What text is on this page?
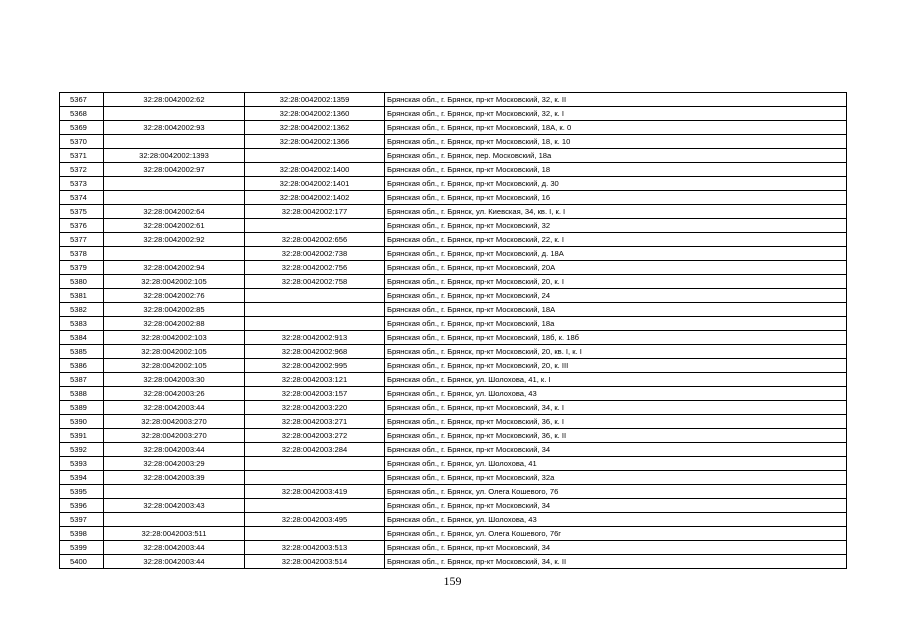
5367	32:28:0042002:62	32:28:0042002:1359	Брянская обл., г. Брянск, пр-кт Московский, 32, к. II
5368		32:28:0042002:1360	Брянская обл., г. Брянск, пр-кт Московский, 32, к. I
5369	32:28:0042002:93	32:28:0042002:1362	Брянская обл., г. Брянск, пр-кт Московский, 18А, к. 0
5370		32:28:0042002:1366	Брянская обл., г. Брянск, пр-кт Московский, 18, к. 10
5371	32:28:0042002:1393		Брянская обл., г. Брянск, пер. Московский, 18а
5372	32:28:0042002:97	32:28:0042002:1400	Брянская обл., г. Брянск, пр-кт Московский, 18
5373		32:28:0042002:1401	Брянская обл., г. Брянск, пр-кт Московский, д. 30
5374		32:28:0042002:1402	Брянская обл., г. Брянск, пр-кт Московский, 16
5375	32:28:0042002:64	32:28:0042002:177	Брянская обл., г. Брянск, ул. Киевская, 34, кв. I, к. I
5376	32:28:0042002:61		Брянская обл., г. Брянск, пр-кт Московский, 32
5377	32:28:0042002:92	32:28:0042002:656	Брянская обл., г. Брянск, пр-кт Московский, 22, к. I
5378		32:28:0042002:738	Брянская обл., г. Брянск, пр-кт Московский, д. 18А
5379	32:28:0042002:94	32:28:0042002:756	Брянская обл., г. Брянск, пр-кт Московский, 20А
5380	32:28:0042002:105	32:28:0042002:758	Брянская обл., г. Брянск, пр-кт Московский, 20, к. I
5381	32:28:0042002:76		Брянская обл., г. Брянск, пр-кт Московский, 24
5382	32:28:0042002:85		Брянская обл., г. Брянск, пр-кт Московский, 18А
5383	32:28:0042002:88		Брянская обл., г. Брянск, пр-кт Московский, 18а
5384	32:28:0042002:103	32:28:0042002:913	Брянская обл., г. Брянск, пр-кт Московский, 18б, к. 18б
5385	32:28:0042002:105	32:28:0042002:968	Брянская обл., г. Брянск, пр-кт Московский, 20, кв. I, к. I
5386	32:28:0042002:105	32:28:0042002:995	Брянская обл., г. Брянск, пр-кт Московский, 20, к. III
5387	32:28:0042003:30	32:28:0042003:121	Брянская обл., г. Брянск, ул. Шолохова, 41, к. I
5388	32:28:0042003:26	32:28:0042003:157	Брянская обл., г. Брянск, ул. Шолохова, 43
5389	32:28:0042003:44	32:28:0042003:220	Брянская обл., г. Брянск, пр-кт Московский, 34, к. I
5390	32:28:0042003:270	32:28:0042003:271	Брянская обл., г. Брянск, пр-кт Московский, 36, к. I
5391	32:28:0042003:270	32:28:0042003:272	Брянская обл., г. Брянск, пр-кт Московский, 36, к. II
5392	32:28:0042003:44	32:28:0042003:284	Брянская обл., г. Брянск, пр-кт Московский, 34
5393	32:28:0042003:29		Брянская обл., г. Брянск, ул. Шолохова, 41
5394	32:28:0042003:39		Брянская обл., г. Брянск, пр-кт Московский, 32а
5395		32:28:0042003:419	Брянская обл., г. Брянск, ул. Олега Кошевого, 76
5396	32:28:0042003:43		Брянская обл., г. Брянск, пр-кт Московский, 34
5397		32:28:0042003:495	Брянская обл., г. Брянск, ул. Шолохова, 43
5398	32:28:0042003:511		Брянская обл., г. Брянск, ул. Олега Кошевого, 76г
5399	32:28:0042003:44	32:28:0042003:513	Брянская обл., г. Брянск, пр-кт Московский, 34
5400	32:28:0042003:44	32:28:0042003:514	Брянская обл., г. Брянск, пр-кт Московский, 34, к. II
159
